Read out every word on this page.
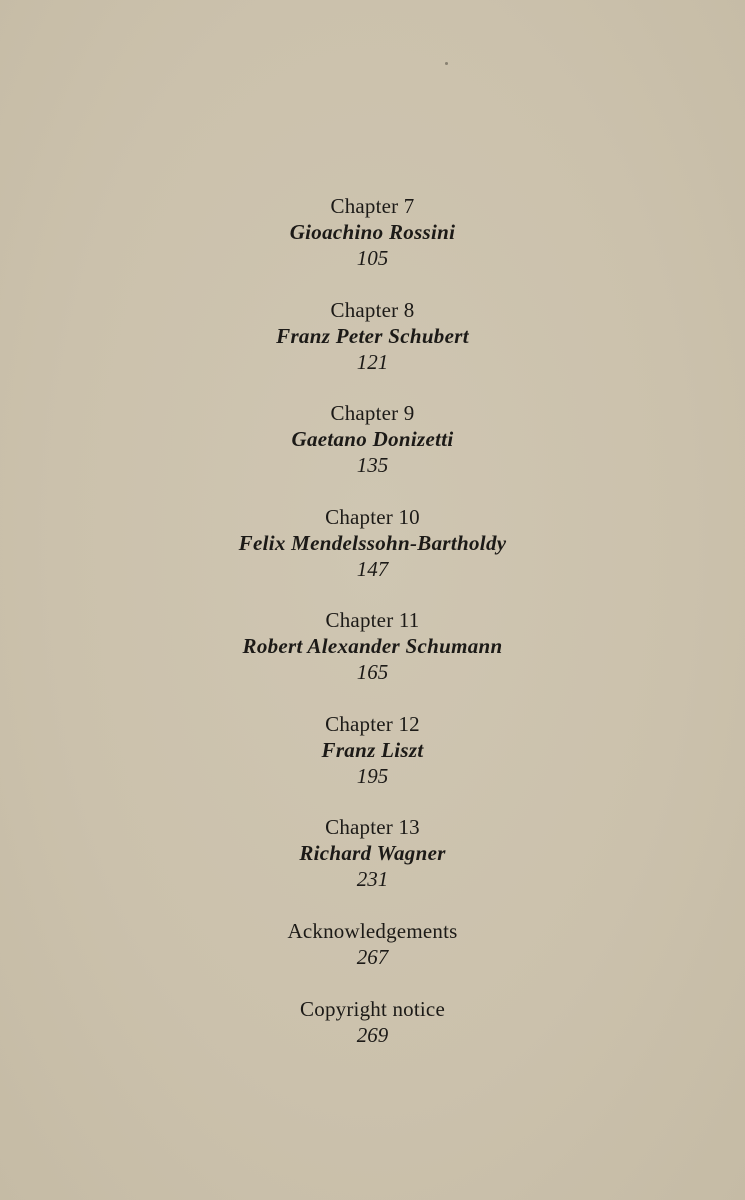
Chapter 7
Gioachino Rossini
105
Chapter 8
Franz Peter Schubert
121
Chapter 9
Gaetano Donizetti
135
Chapter 10
Felix Mendelssohn-Bartholdy
147
Chapter 11
Robert Alexander Schumann
165
Chapter 12
Franz Liszt
195
Chapter 13
Richard Wagner
231
Acknowledgements
267
Copyright notice
269
